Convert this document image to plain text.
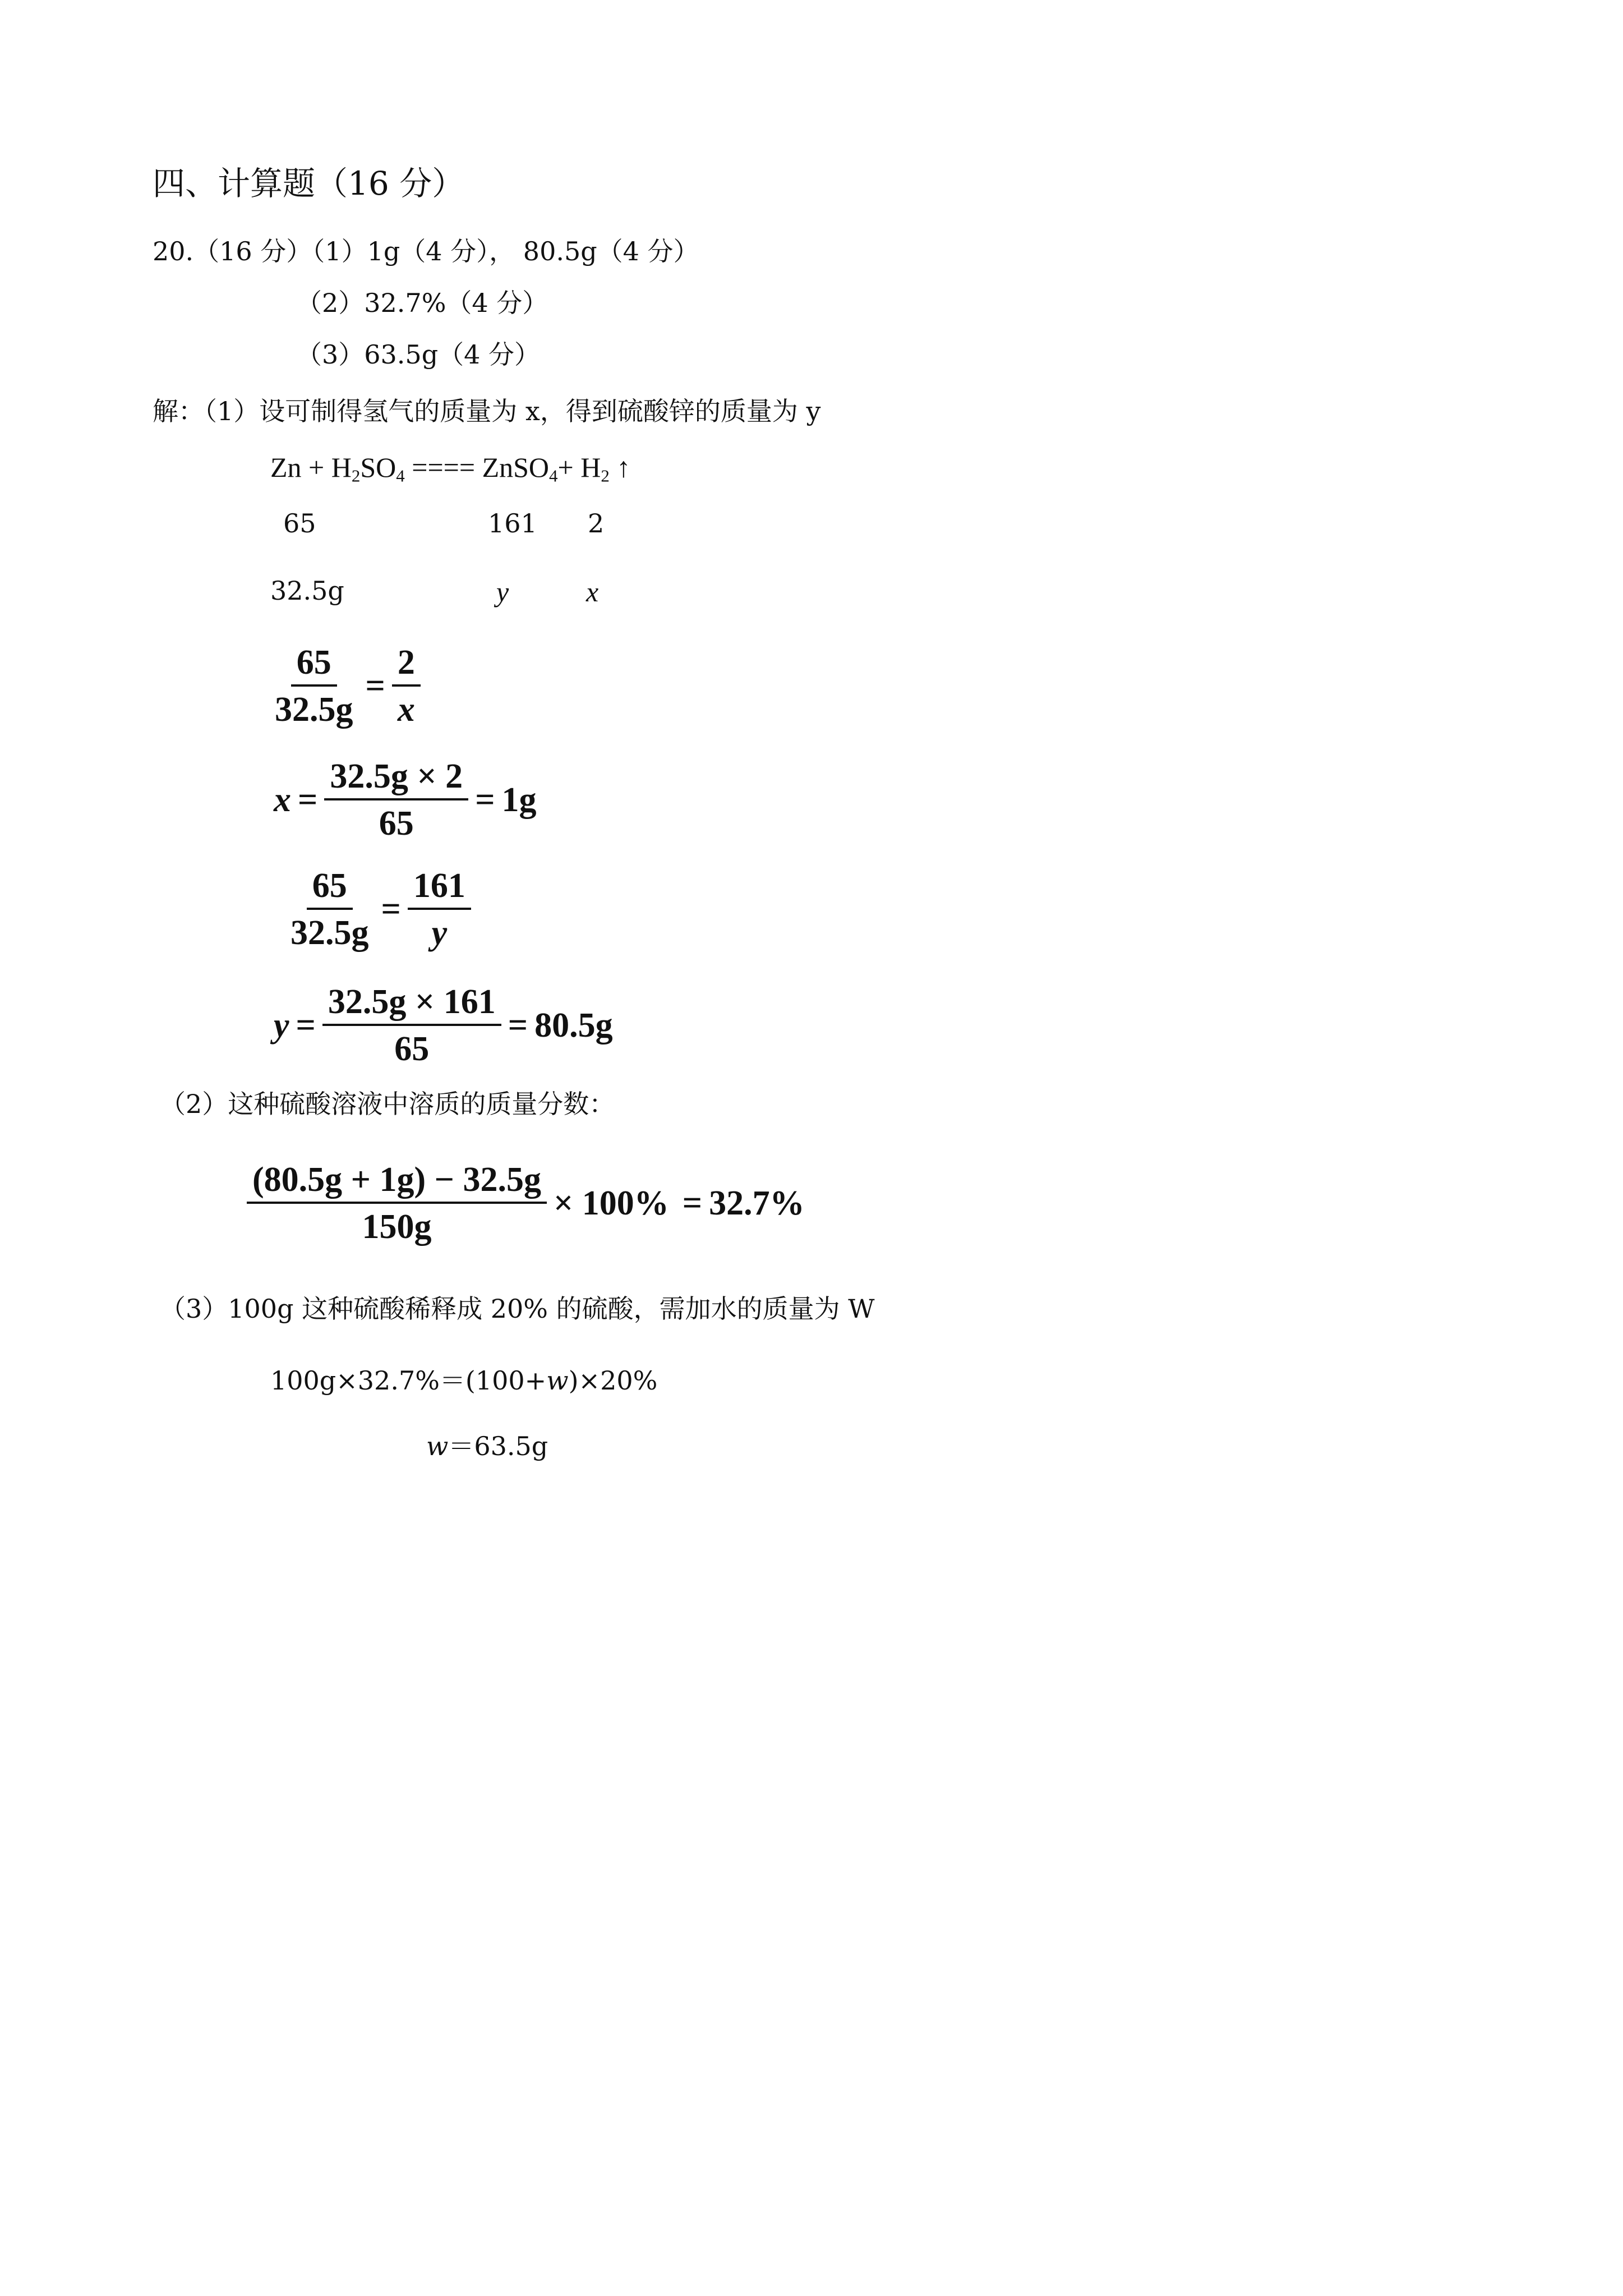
四、计算题（16 分）
20.（16 分）（1）1g（4 分）， 80.5g（4 分）
（2）32.7%（4 分）
（3）63.5g（4 分）
解：（1）设可制得氢气的质量为 x，得到硫酸锌的质量为 y
$Zn + H_2SO_4$ ==== ZnSO$_4$+ $H_2$ ↑
65	161 2
32.5g	y	x
$\frac{65}{32.5g} = \frac{2}{x}$
$x = \frac{32.5g \times 2}{65} = 1g$
$\frac{65}{32.5g} = \frac{161}{y}$
$y = \frac{32.5g \times 161}{65} = 80.5g$
（2）这种硫酸溶液中溶质的质量分数：
$\frac{(80.5g + 1g) - 32.5g}{150g} \times 100\% = 32.7\%$
（3）100g 这种硫酸稀释成 20% 的硫酸，需加水的质量为 W
100g×32.7%＝(100+w)×20%
w＝63.5g
